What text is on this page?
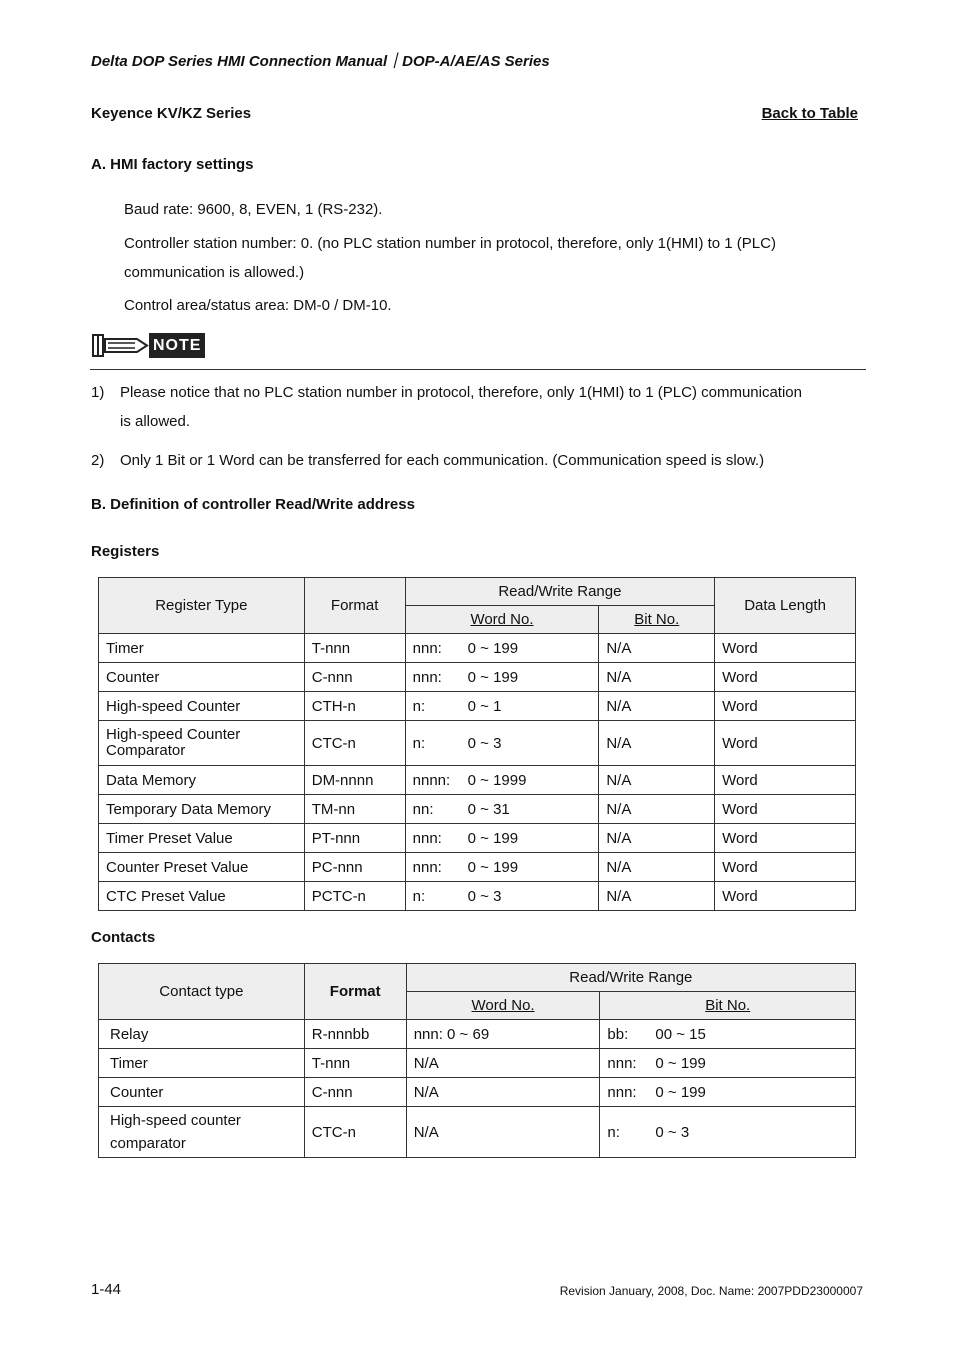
Delta DOP Series HMI Connection Manual｜DOP-A/AE/AS Series
Keyence KV/KZ Series	Back to Table
A. HMI factory settings
Baud rate: 9600, 8, EVEN, 1 (RS-232).
Controller station number: 0. (no PLC station number in protocol, therefore, only 1(HMI) to 1 (PLC)
communication is allowed.)
Control area/status area: DM-0 / DM-10.
NOTE
1) Please notice that no PLC station number in protocol, therefore, only 1(HMI) to 1 (PLC) communication
is allowed.
2) Only 1 Bit or 1 Word can be transferred for each communication. (Communication speed is slow.)
B. Definition of controller Read/Write address
Registers
Register Type	Format	Read/Write Range		Data Length
		Word No.	Bit No.	
Timer	T-nnn	nnn: 0 ~ 199	N/A	Word
Counter	C-nnn	nnn: 0 ~ 199	N/A	Word
High-speed Counter	CTH-n	n: 0 ~ 1	N/A	Word
High-speed Counter Comparator	CTC-n	n: 0 ~ 3	N/A	Word
Data Memory	DM-nnnn	nnnn: 0 ~ 1999	N/A	Word
Temporary Data Memory	TM-nn	nn: 0 ~ 31	N/A	Word
Timer Preset Value	PT-nnn	nnn: 0 ~ 199	N/A	Word
Counter Preset Value	PC-nnn	nnn: 0 ~ 199	N/A	Word
CTC Preset Value	PCTC-n	n: 0 ~ 3	N/A	Word
Contacts
Contact type	Format	Read/Write Range	
		Word No.	Bit No.
Relay	R-nnnbb	nnn: 0 ~ 69	bb: 00 ~ 15
Timer	T-nnn	N/A	nnn: 0 ~ 199
Counter	C-nnn	N/A	nnn: 0 ~ 199
High-speed counter comparator	CTC-n	N/A	n: 0 ~ 3
1-44	Revision January, 2008, Doc. Name: 2007PDD23000007
